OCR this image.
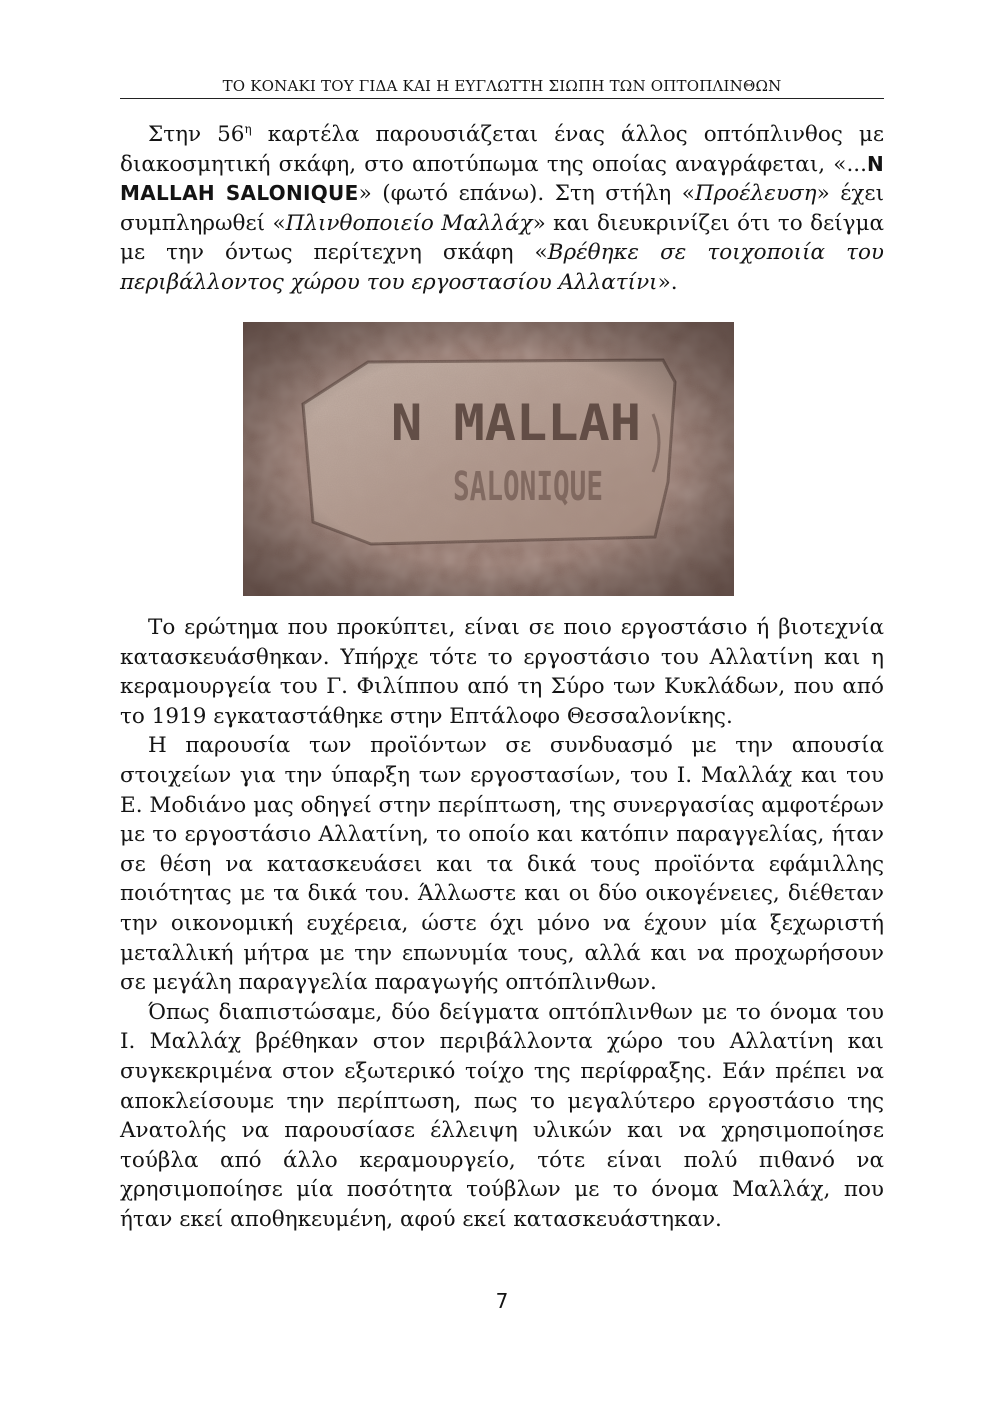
ΤΟ ΚΟΝΑΚΙ ΤΟΥ ΓΙΔΑ ΚΑΙ Η ΕΥΓΛΩΤΤΗ ΣΙΩΠΗ ΤΩΝ ΟΠΤΟΠΛΙΝΘΩΝ

Στην $56^\eta$ καρτέλα παρουσιάζεται ένας άλλος οπτόπλινθος με διακοσμητική σκάφη, στο αποτύπωμα της οποίας αναγράφεται, «...N MALLAH SALONIQUE» (φωτό επάνω). Στη στήλη «Προέλευση» έχει συμπληρωθεί «Πλινθοποιείο Μαλλάχ» και διευκρινίζει ότι το δείγμα με την όντως περίτεχνη σκάφη «Βρέθηκε σε τοιχοποιία του περιβάλλοντος χώρου του εργοστασίου Αλλατίνι».

Το ερώτημα που προκύπτει, είναι σε ποιο εργοστάσιο ή βιοτεχνία κατασκευάσθηκαν. Υπήρχε τότε το εργοστάσιο του Αλλατίνη και η κεραμουργεία του Γ. Φιλίππου από τη Σύρο των Κυκλάδων, που από το 1919 εγκαταστάθηκε στην Επτάλοφο Θεσσαλονίκης.

Η παρουσία των προϊόντων σε συνδυασμό με την απουσία στοιχείων για την ύπαρξη των εργοστασίων, του Ι. Μαλλάχ και του Ε. Μοδιάνο μας οδηγεί στην περίπτωση, της συνεργασίας αμφοτέρων με το εργοστάσιο Αλλατίνη, το οποίο και κατόπιν παραγγελίας, ήταν σε θέση να κατασκευάσει και τα δικά τους προϊόντα εφάμιλλης ποιότητας με τα δικά του. Άλλωστε και οι δύο οικογένειες, διέθεταν την οικονομική ευχέρεια, ώστε όχι μόνο να έχουν μία ξεχωριστή μεταλλική μήτρα με την επωνυμία τους, αλλά και να προχωρήσουν σε μεγάλη παραγγελία παραγωγής οπτόπλινθων.

Όπως διαπιστώσαμε, δύο δείγματα οπτόπλινθων με το όνομα του Ι. Μαλλάχ βρέθηκαν στον περιβάλλοντα χώρο του Αλλατίνη και συγκεκριμένα στον εξωτερικό τοίχο της περίφραξης. Εάν πρέπει να αποκλείσουμε την περίπτωση, πως το μεγαλύτερο εργοστάσιο της Ανατολής να παρουσίασε έλλειψη υλικών και να χρησιμοποίησε τούβλα από άλλο κεραμουργείο, τότε είναι πολύ πιθανό να χρησιμοποίησε μία ποσότητα τούβλων με το όνομα Μαλλάχ, που ήταν εκεί αποθηκευμένη, αφού εκεί κατασκευάστηκαν.

7
